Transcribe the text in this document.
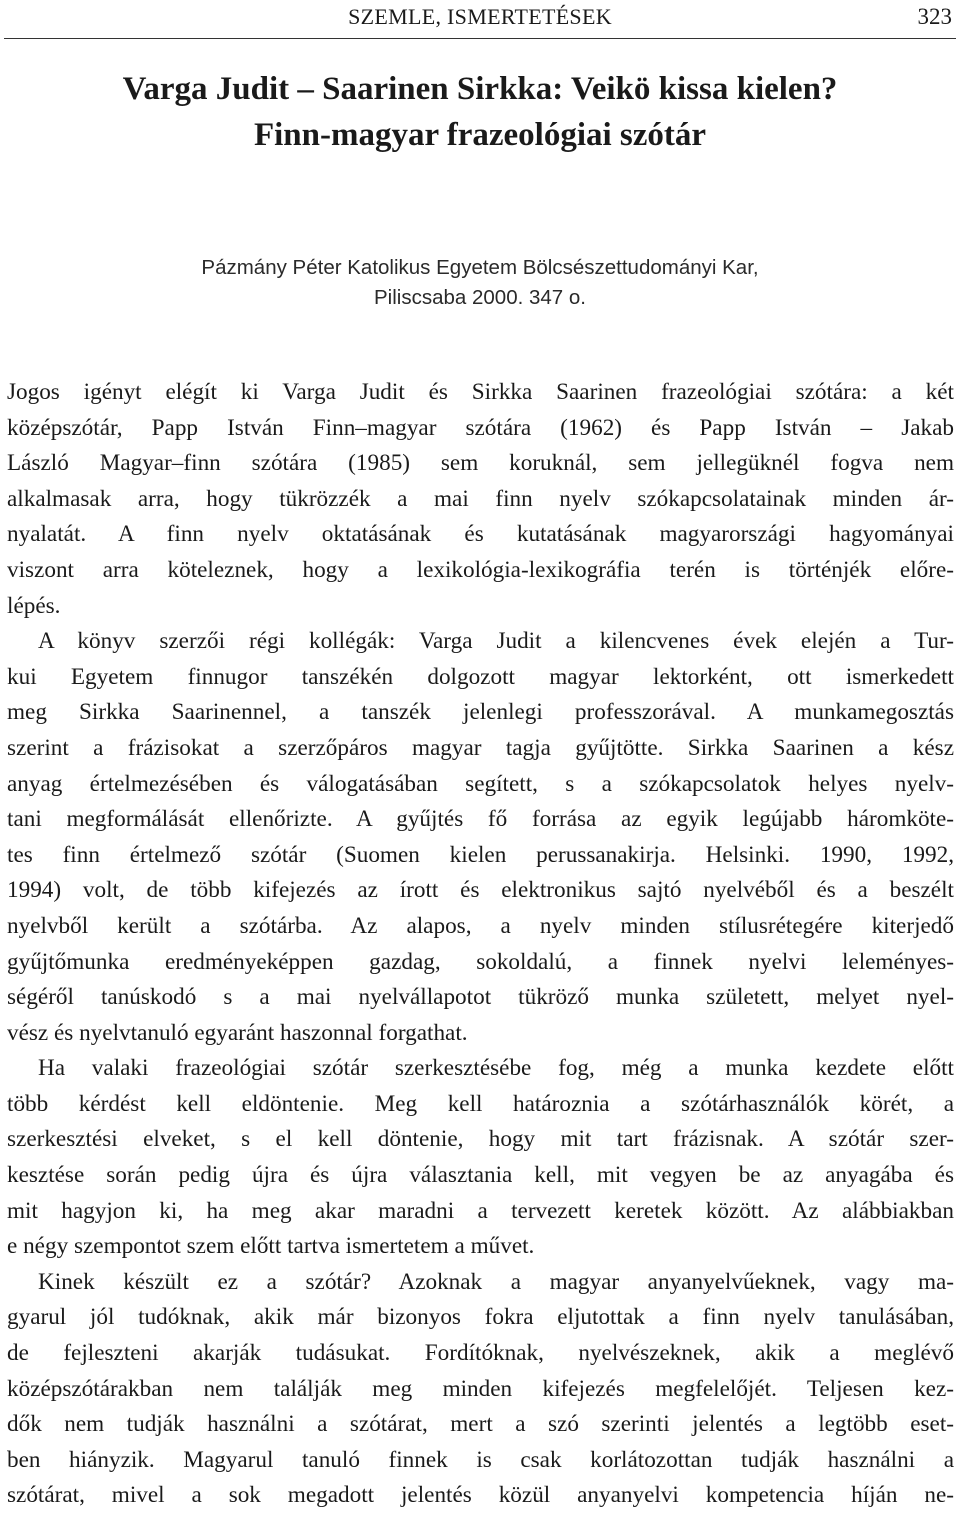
SZEMLE, ISMERTETÉSEK	323
Varga Judit – Saarinen Sirkka: Veikö kissa kielen?
Finn-magyar frazeológiai szótár
Pázmány Péter Katolikus Egyetem Bölcsészettudományi Kar,
Piliscsaba 2000. 347 o.
Jogos igényt elégít ki Varga Judit és Sirkka Saarinen frazeológiai szótára: a két
középszótár, Papp István Finn–magyar szótára (1962) és Papp István – Jakab
László Magyar–finn szótára (1985) sem koruknál, sem jellegüknél fogva nem
alkalmasak arra, hogy tükrözzék a mai finn nyelv szókapcsolatainak minden ár-
nyalatát. A finn nyelv oktatásának és kutatásának magyarországi hagyományai
viszont arra köteleznek, hogy a lexikológia-lexikográfia terén is történjék előre-
lépés.
A könyv szerzői régi kollégák: Varga Judit a kilencvenes évek elején a Tur-
kui Egyetem finnugor tanszékén dolgozott magyar lektorként, ott ismerkedett
meg Sirkka Saarinennel, a tanszék jelenlegi professzorával. A munkamegosztás
szerint a frázisokat a szerzőpáros magyar tagja gyűjtötte. Sirkka Saarinen a kész
anyag értelmezésében és válogatásában segített, s a szókapcsolatok helyes nyelv-
tani megformálását ellenőrizte. A gyűjtés fő forrása az egyik legújabb háromköte-
tes finn értelmező szótár (Suomen kielen perussanakirja. Helsinki. 1990, 1992,
1994) volt, de több kifejezés az írott és elektronikus sajtó nyelvéből és a beszélt
nyelvből került a szótárba. Az alapos, a nyelv minden stílusrétegére kiterjedő
gyűjtőmunka eredményeképpen gazdag, sokoldalú, a finnek nyelvi leleményes-
ségéről tanúskodó s a mai nyelvállapotot tükröző munka született, melyet nyel-
vész és nyelvtanuló egyaránt haszonnal forgathat.
Ha valaki frazeológiai szótár szerkesztésébe fog, még a munka kezdete előtt
több kérdést kell eldöntenie. Meg kell határoznia a szótárhasználók körét, a
szerkesztési elveket, s el kell döntenie, hogy mit tart frázisnak. A szótár szer-
kesztése során pedig újra és újra választania kell, mit vegyen be az anyagába és
mit hagyjon ki, ha meg akar maradni a tervezett keretek között. Az alábbiakban
e négy szempontot szem előtt tartva ismertetem a művet.
Kinek készült ez a szótár? Azoknak a magyar anyanyelvűeknek, vagy ma-
gyarul jól tudóknak, akik már bizonyos fokra eljutottak a finn nyelv tanulásában,
de fejleszteni akarják tudásukat. Fordítóknak, nyelvészeknek, akik a meglévő
középszótárakban nem találják meg minden kifejezés megfelelőjét. Teljesen kez-
dők nem tudják használni a szótárat, mert a szó szerinti jelentés a legtöbb eset-
ben hiányzik. Magyarul tanuló finnek is csak korlátozottan tudják használni a
szótárat, mivel a sok megadott jelentés közül anyanyelvi kompetencia híján ne-
